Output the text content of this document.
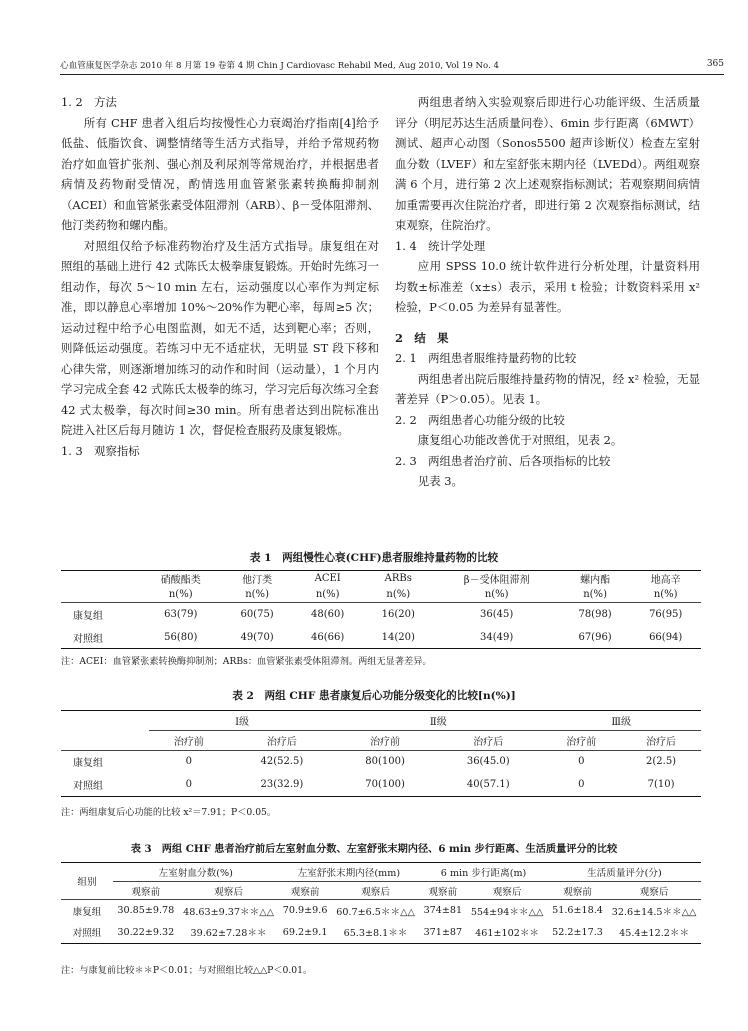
心血管康复医学杂志 2010 年 8 月第 19 卷第 4 期 Chin J Cardiovasc Rehabil Med, Aug 2010, Vol 19 No. 4	365

1. 2　方法

所有 CHF 患者入组后均按慢性心力衰竭治疗指南[4]给予低盐、低脂饮食、调整情绪等生活方式指导，并给予常规药物治疗如血管扩张剂、强心剂及利尿剂等常规治疗，并根据患者病情及药物耐受情况，酌情选用血管紧张素转换酶抑制剂（ACEI）和血管紧张素受体阻滞剂（ARB）、β－受体阻滞剂、他汀类药物和螺内酯。

对照组仅给予标准药物治疗及生活方式指导。康复组在对照组的基础上进行 42 式陈氏太极拳康复锻炼。开始时先练习一组动作，每次 5～10 min 左右，运动强度以心率作为判定标准，即以静息心率增加 10%～20%作为靶心率，每周≥5 次；运动过程中给予心电图监测，如无不适，达到靶心率；否则，则降低运动强度。若练习中无不适症状，无明显 ST 段下移和心律失常，则逐渐增加练习的动作和时间（运动量），1 个月内学习完成全套 42 式陈氏太极拳的练习，学习完后每次练习全套 42 式太极拳，每次时间≥30 min。所有患者达到出院标准出院进入社区后每月随访 1 次，督促检查服药及康复锻炼。

1. 3　观察指标

两组患者纳入实验观察后即进行心功能评级、生活质量评分（明尼苏达生活质量问卷）、6min 步行距离（6MWT）测试、超声心动图（Sonos5500 超声诊断仪）检查左室射血分数（LVEF）和左室舒张末期内径（LVEDd）。两组观察满 6 个月，进行第 2 次上述观察指标测试；若观察期间病情加重需要再次住院治疗者，即进行第 2 次观察指标测试，结束观察，住院治疗。

1. 4　统计学处理

应用 SPSS 10.0 统计软件进行分析处理，计量资料用均数±标准差（x±s）表示，采用 t 检验；计数资料采用 x² 检验，P＜0.05 为差异有显著性。

2　结　果

2. 1　两组患者服维持量药物的比较

两组患者出院后服维持量药物的情况，经 x² 检验，无显著差异（P＞0.05）。见表 1。

2. 2　两组患者心功能分级的比较

康复组心功能改善优于对照组，见表 2。

2. 3　两组患者治疗前、后各项指标的比较

见表 3。

表 1　两组慢性心衰(CHF)患者服维持量药物的比较
	硝酸酯类	他汀类	ACEI	ARBs	β－受体阻滞剂	螺内酯	地高辛
	n(%)	n(%)	n(%)	n(%)	n(%)	n(%)	n(%)
康复组	63(79)	60(75)	48(60)	16(20)	36(45)	78(98)	76(95)
对照组	56(80)	49(70)	46(66)	14(20)	34(49)	67(96)	66(94)
注：ACEI：血管紧张素转换酶抑制剂；ARBs：血管紧张素受体阻滞剂。两组无显著差异。
表 2　两组 CHF 患者康复后心功能分级变化的比较[n(%)]
	Ⅰ级		Ⅱ级		Ⅲ级	
	治疗前	治疗后	治疗前	治疗后	治疗前	治疗后
康复组	0	42(52.5)	80(100)	36(45.0)	0	2(2.5)
对照组	0	23(32.9)	70(100)	40(57.1)	0	7(10)
注：两组康复后心功能的比较 x²＝7.91；P＜0.05。
表 3　两组 CHF 患者治疗前后左室射血分数、左室舒张末期内径、6 min 步行距离、生活质量评分的比较
组别	左室射血分数(%)		左室舒张末期内径(mm)		6 min 步行距离(m)		生活质量评分(分)	
	观察前	观察后	观察前	观察后	观察前	观察后	观察前	观察后
康复组	30.85±9.78	48.63±9.37＊＊△△	70.9±9.6	60.7±6.5＊＊△△	374±81	554±94＊＊△△	51.6±18.4	32.6±14.5＊＊△△
对照组	30.22±9.32	39.62±7.28＊＊	69.2±9.1	65.3±8.1＊＊	371±87	461±102＊＊	52.2±17.3	45.4±12.2＊＊
注：与康复前比较＊＊P＜0.01；与对照组比较△△P＜0.01。
